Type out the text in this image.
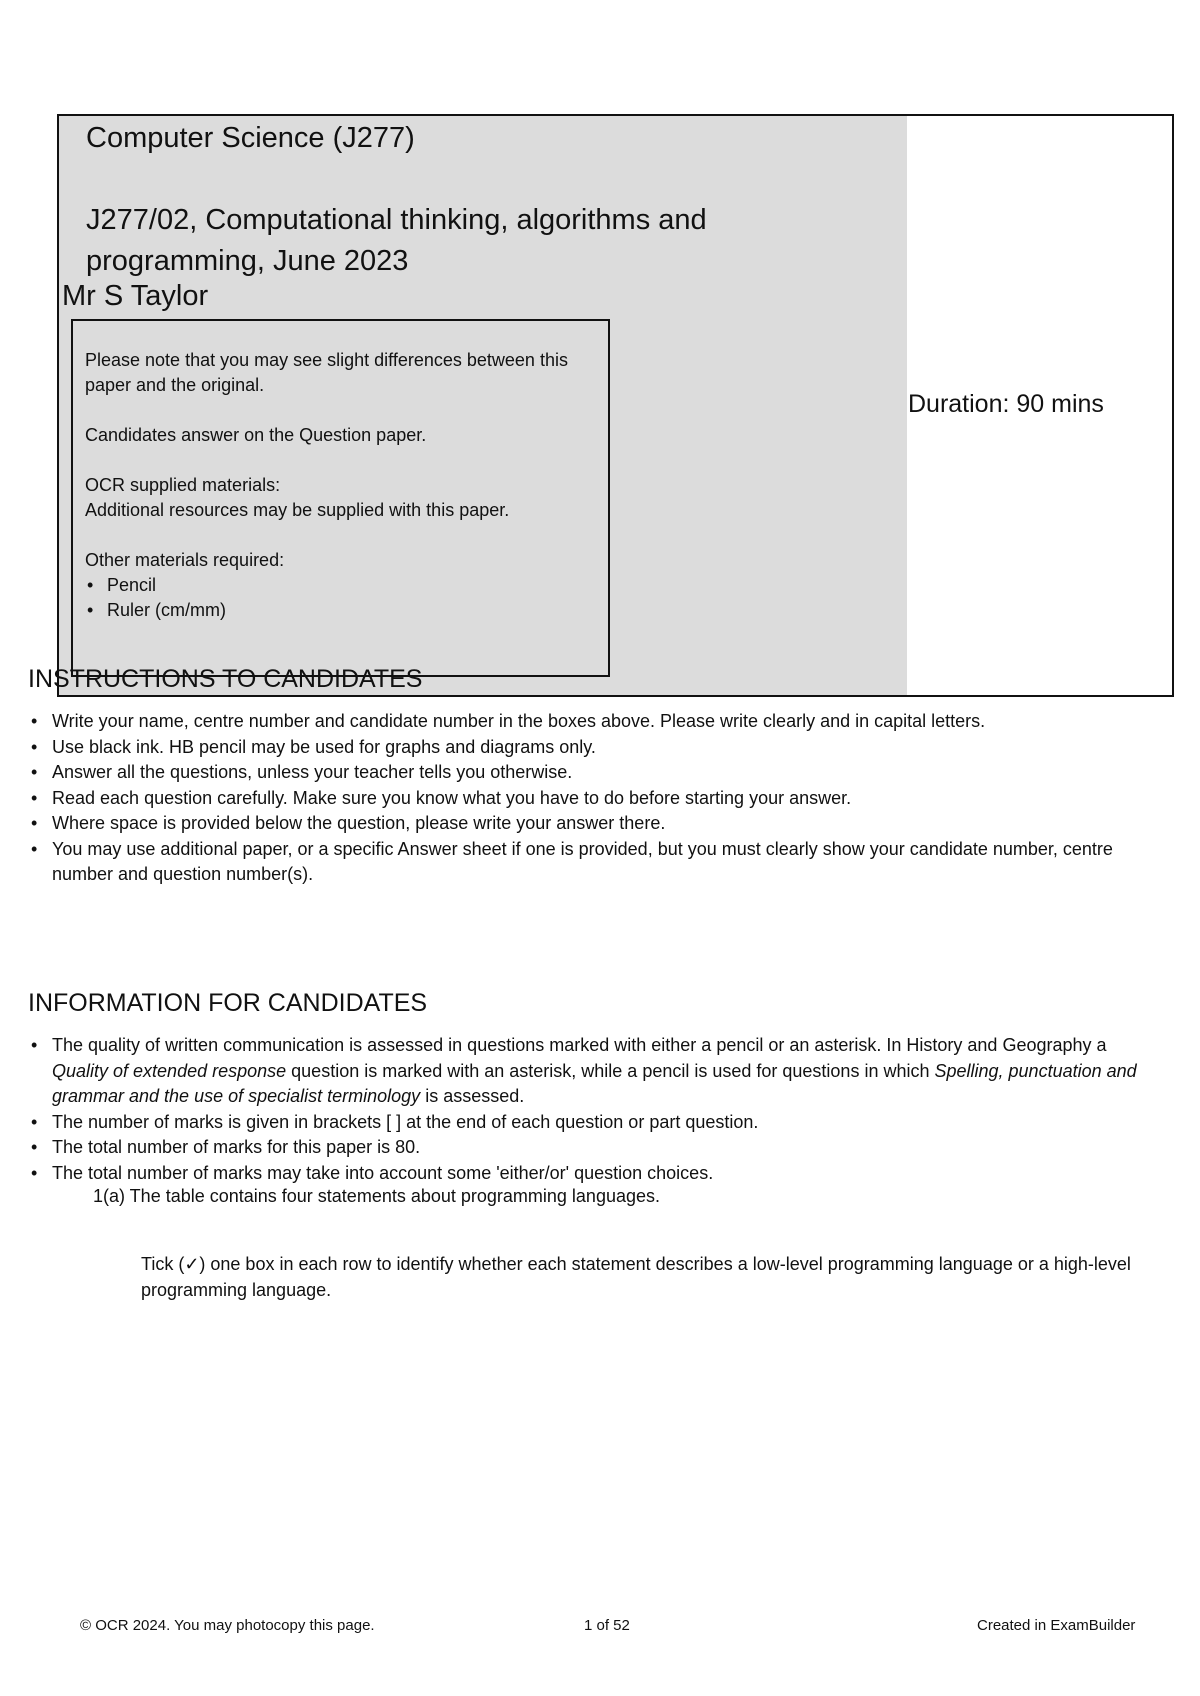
Computer Science (J277)
J277/02, Computational thinking, algorithms and programming, June 2023
Mr S Taylor

Please note that you may see slight differences between this paper and the original.

Candidates answer on the Question paper.

OCR supplied materials:
Additional resources may be supplied with this paper.

Other materials required:
• Pencil
• Ruler (cm/mm)
Duration: 90 mins
INSTRUCTIONS TO CANDIDATES
• Write your name, centre number and candidate number in the boxes above. Please write clearly and in capital letters.
• Use black ink. HB pencil may be used for graphs and diagrams only.
• Answer all the questions, unless your teacher tells you otherwise.
• Read each question carefully. Make sure you know what you have to do before starting your answer.
• Where space is provided below the question, please write your answer there.
• You may use additional paper, or a specific Answer sheet if one is provided, but you must clearly show your candidate number, centre number and question number(s).
INFORMATION FOR CANDIDATES
• The quality of written communication is assessed in questions marked with either a pencil or an asterisk. In History and Geography a Quality of extended response question is marked with an asterisk, while a pencil is used for questions in which Spelling, punctuation and grammar and the use of specialist terminology is assessed.
• The number of marks is given in brackets [ ] at the end of each question or part question.
• The total number of marks for this paper is 80.
• The total number of marks may take into account some 'either/or' question choices.
1(a) The table contains four statements about programming languages.
Tick (✓) one box in each row to identify whether each statement describes a low-level programming language or a high-level programming language.
© OCR 2024. You may photocopy this page.	1 of 52	Created in ExamBuilder
